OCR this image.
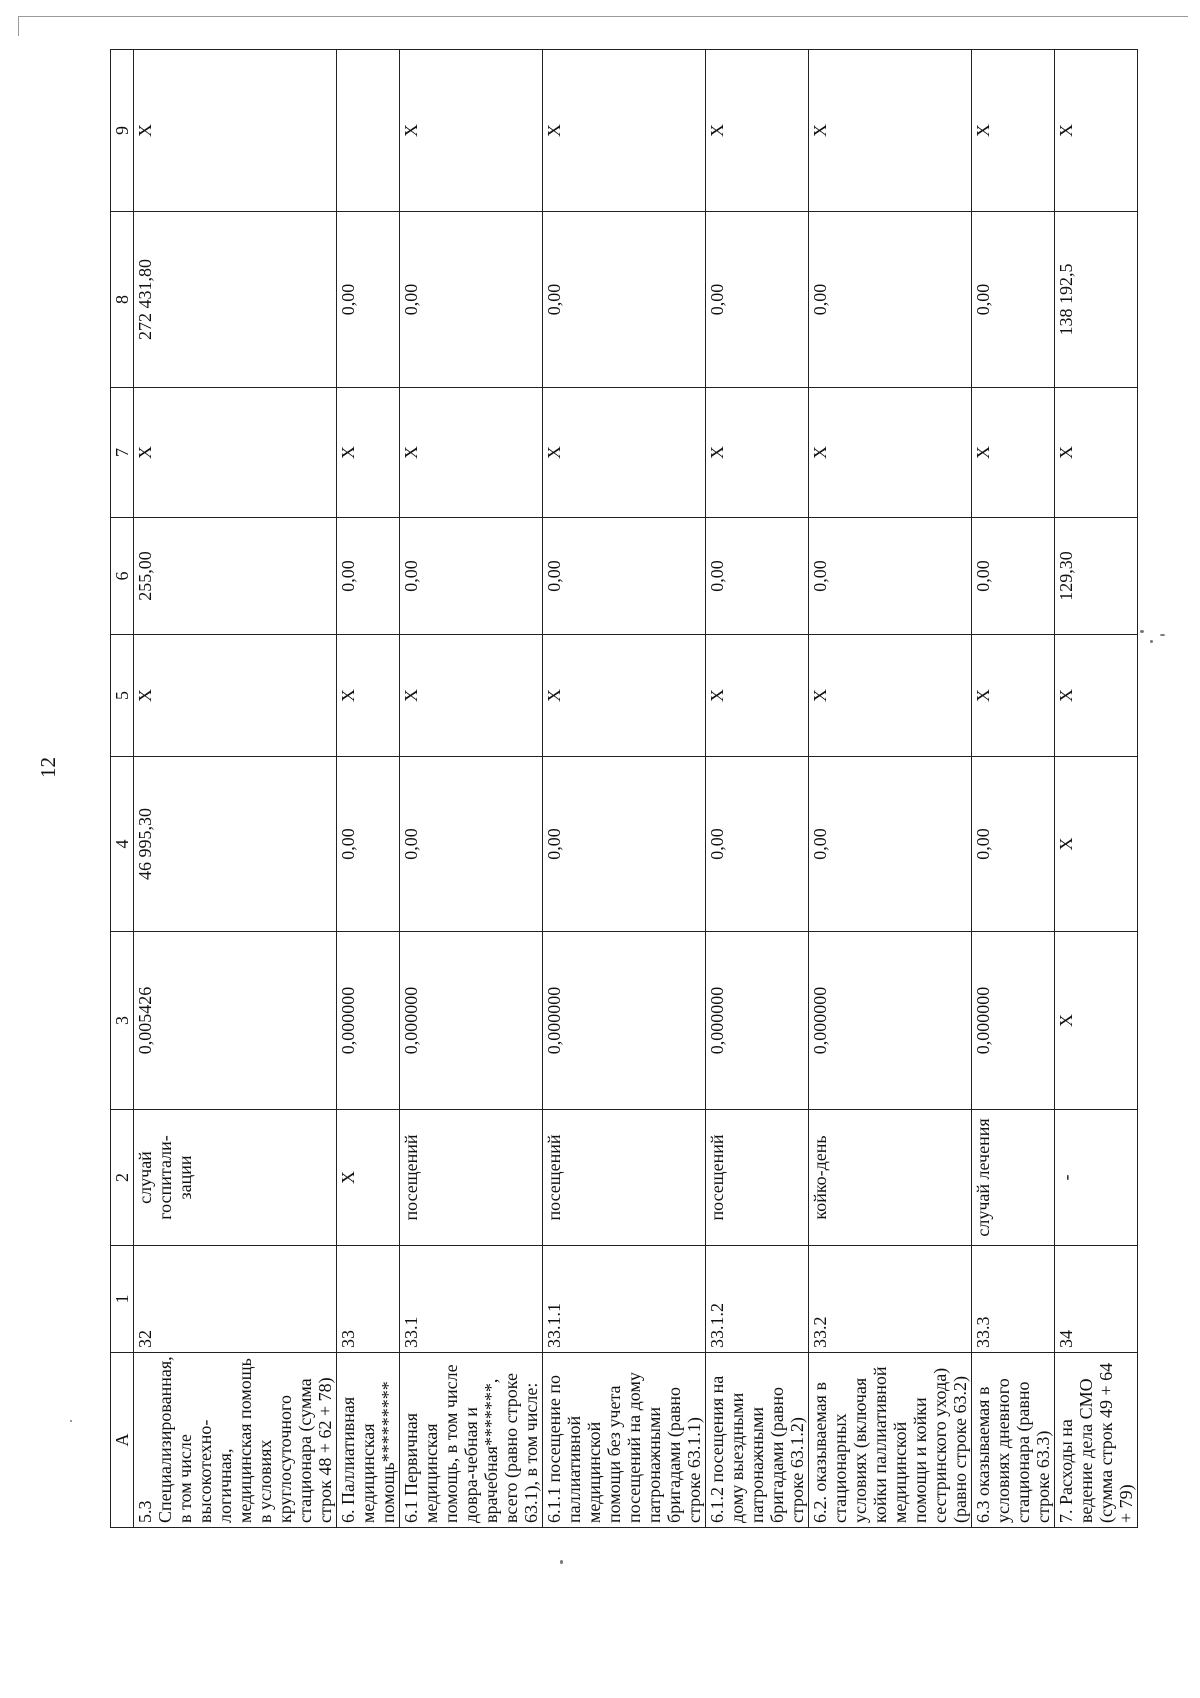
12
A	1	2	3	4	5	6	7	8	9
5.3 Специализированная, в том числе высокотехно-логичная, медицинская помощь в условиях круглосуточного стационара (сумма строк 48 + 62 + 78)	32	случай госпитали-зации	0,005426	46 995,30	X	255,00	X	272 431,80	X
6. Паллиативная медицинская помощь*********	33	X	0,000000	0,00	X	0,00	X	0,00	
6.1 Первичная медицинская помощь, в том числе довра-чебная и врачебная*******, всего (равно строке 63.1), в том числе:	33.1	посещений	0,000000	0,00	X	0,00	X	0,00	X
6.1.1 посещение по паллиативной медицинской помощи без учета посещений на дому патронажными бригадами (равно строке 63.1.1)	33.1.1	посещений	0,000000	0,00	X	0,00	X	0,00	X
6.1.2 посещения на дому выездными патронажными бригадами (равно строке 63.1.2)	33.1.2	посещений	0,000000	0,00	X	0,00	X	0,00	X
6.2. оказываемая в стационарных условиях (включая койки паллиативной медицинской помощи и койки сестринского ухода) (равно строке 63.2)	33.2	койко-день	0,000000	0,00	X	0,00	X	0,00	X
6.3 оказываемая в условиях дневного стационара (равно строке 63.3)	33.3	случай лечения	0,000000	0,00	X	0,00	X	0,00	X
7. Расходы на ведение дела СМО (сумма строк 49 + 64 + 79)	34	-	X	X	X	129,30	X	138 192,5	X
